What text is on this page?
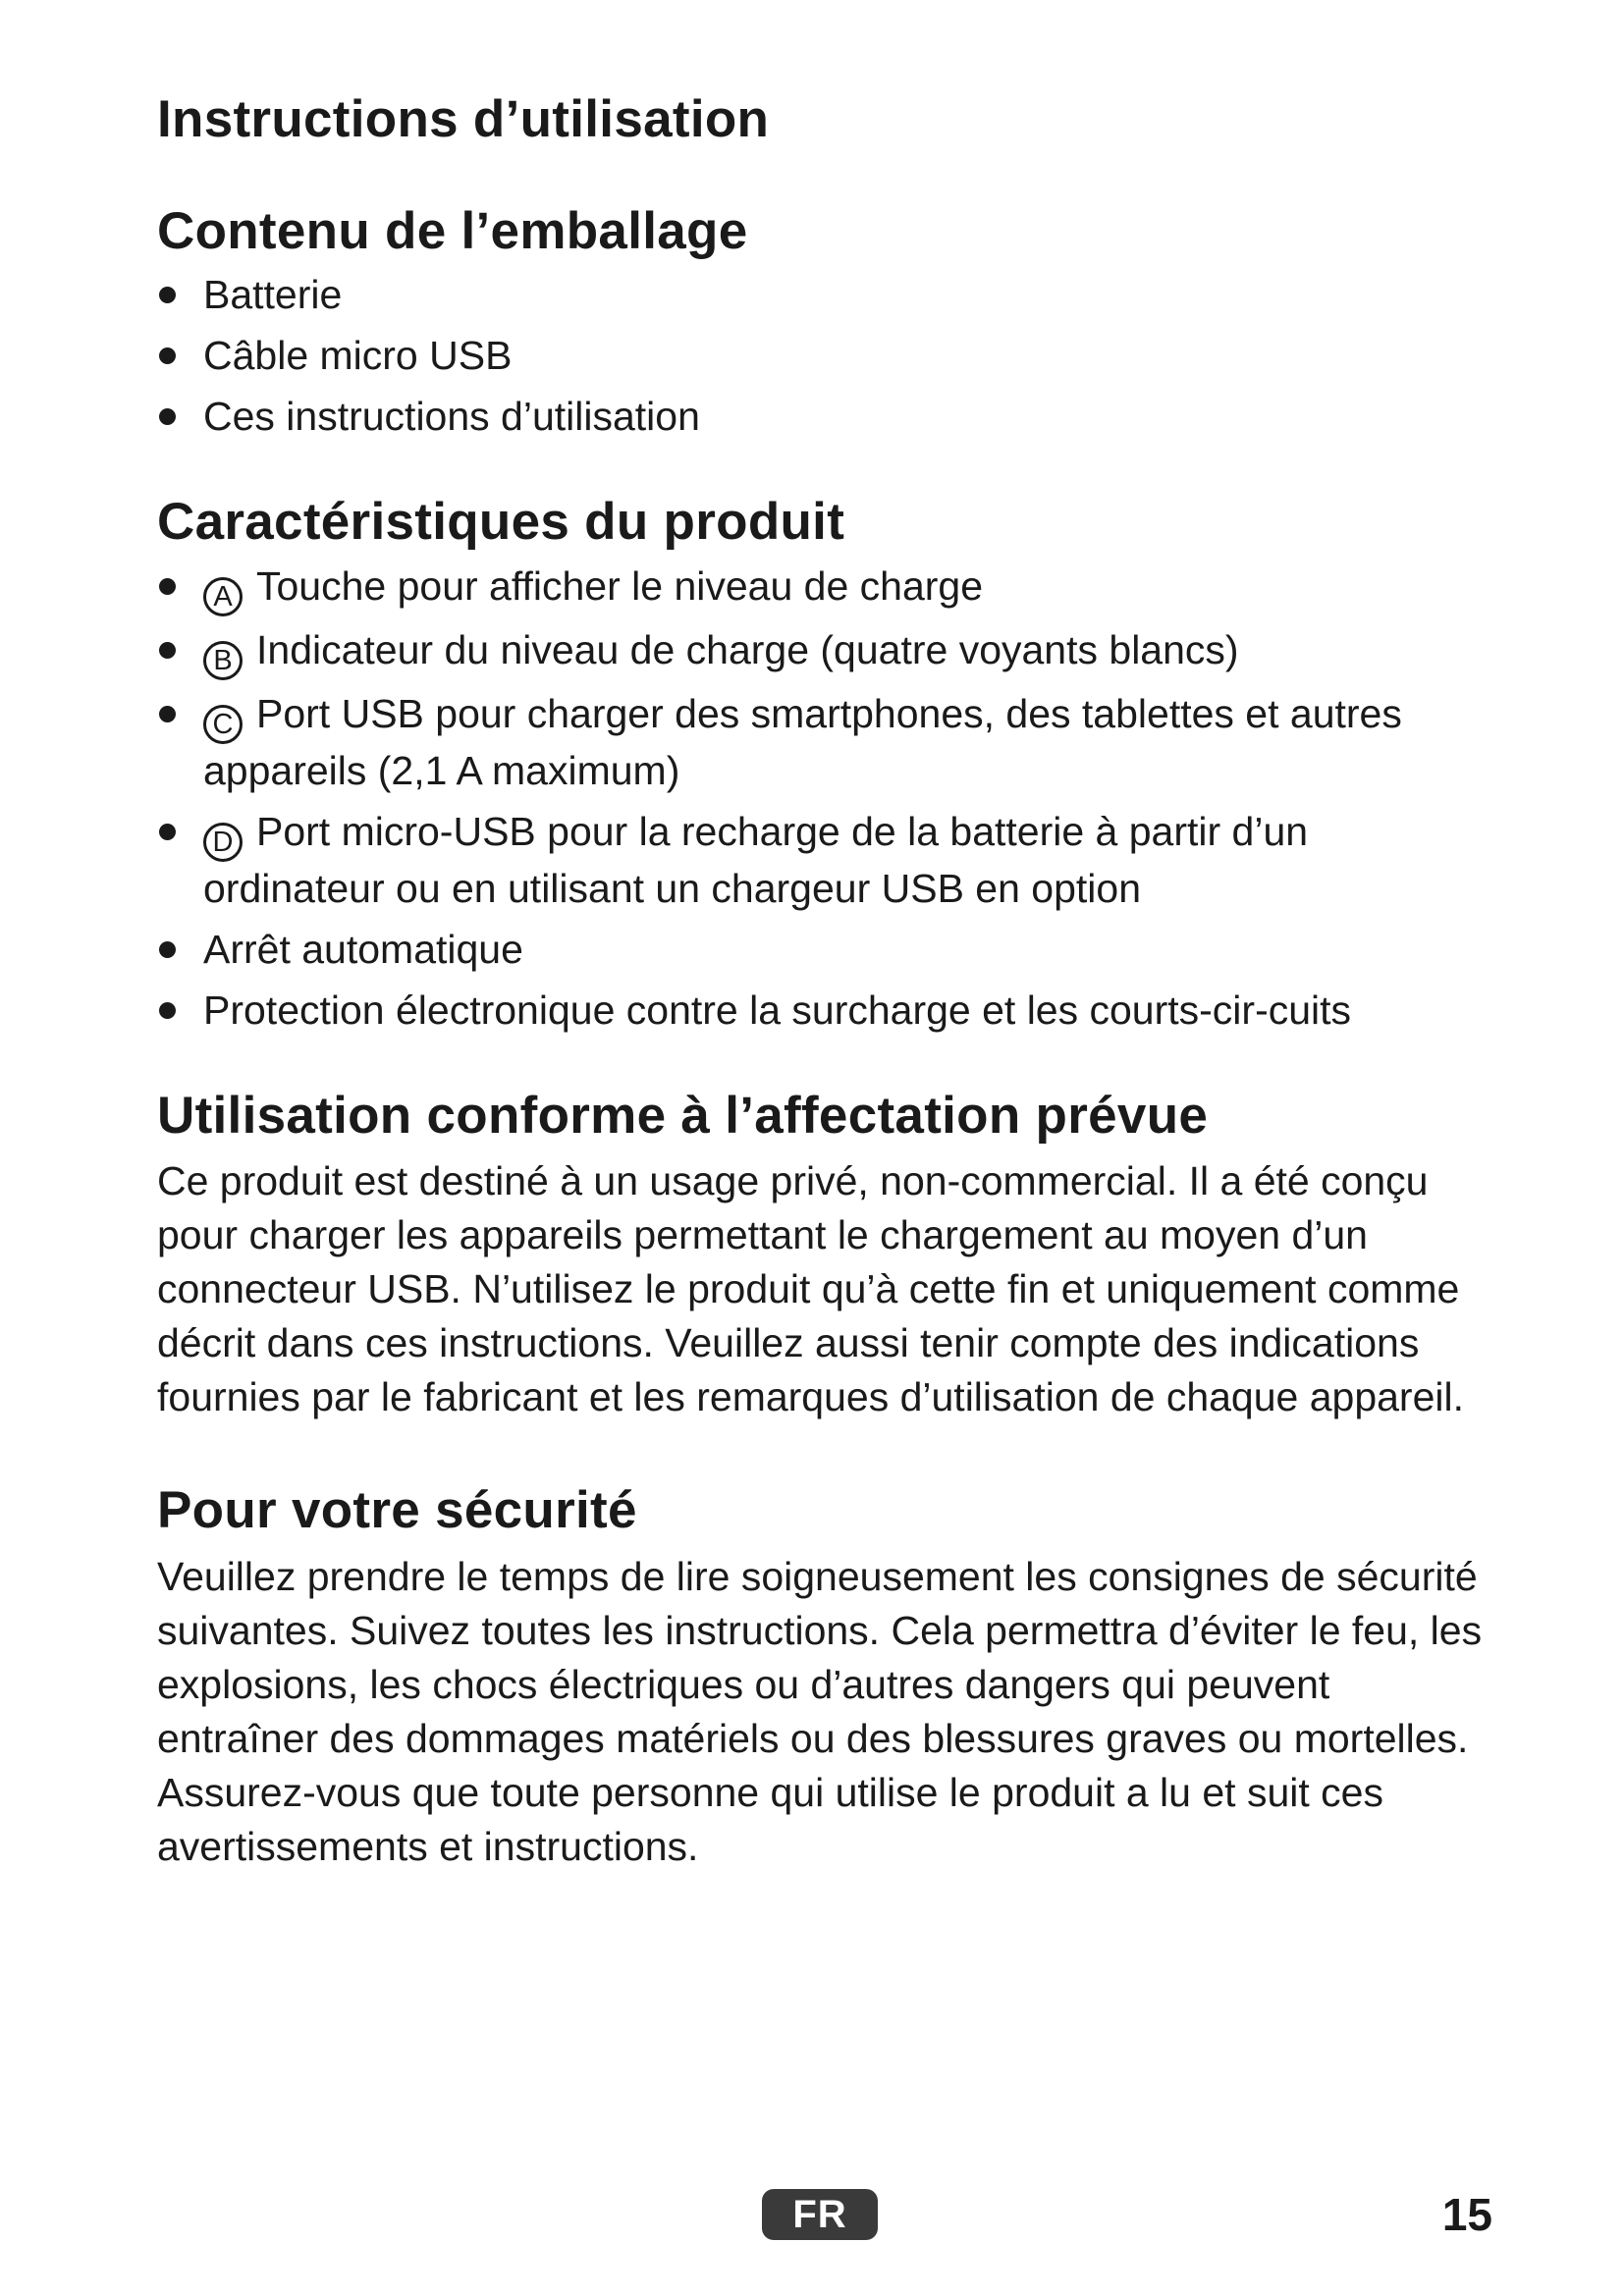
Instructions d’utilisation
Contenu de l’emballage
Batterie
Câble micro USB
Ces instructions d’utilisation
Caractéristiques du produit
A Touche pour afficher le niveau de charge
B Indicateur du niveau de charge (quatre voyants blancs)
C Port USB pour charger des smartphones, des tablettes et autres appareils (2,1 A maximum)
D Port micro-USB pour la recharge de la batterie à partir d’un ordinateur ou en utilisant un chargeur USB en option
Arrêt automatique
Protection électronique contre la surcharge et les courts-cir-cuits
Utilisation conforme à l’affectation prévue

Ce produit est destiné à un usage privé, non-commercial. Il a été conçu pour charger les appareils permettant le chargement au moyen d’un connecteur USB. N’utilisez le produit qu’à cette fin et uniquement comme décrit dans ces instructions. Veuillez aussi tenir compte des indications fournies par le fabricant et les remarques d’utilisation de chaque appareil.

Pour votre sécurité

Veuillez prendre le temps de lire soigneusement les consignes de sécurité suivantes. Suivez toutes les instructions. Cela permettra d’éviter le feu, les explosions, les chocs électriques ou d’autres dangers qui peuvent entraîner des dommages matériels ou des blessures graves ou mortelles. Assurez-vous que toute personne qui utilise le produit a lu et suit ces avertissements et instructions.

FR	15
